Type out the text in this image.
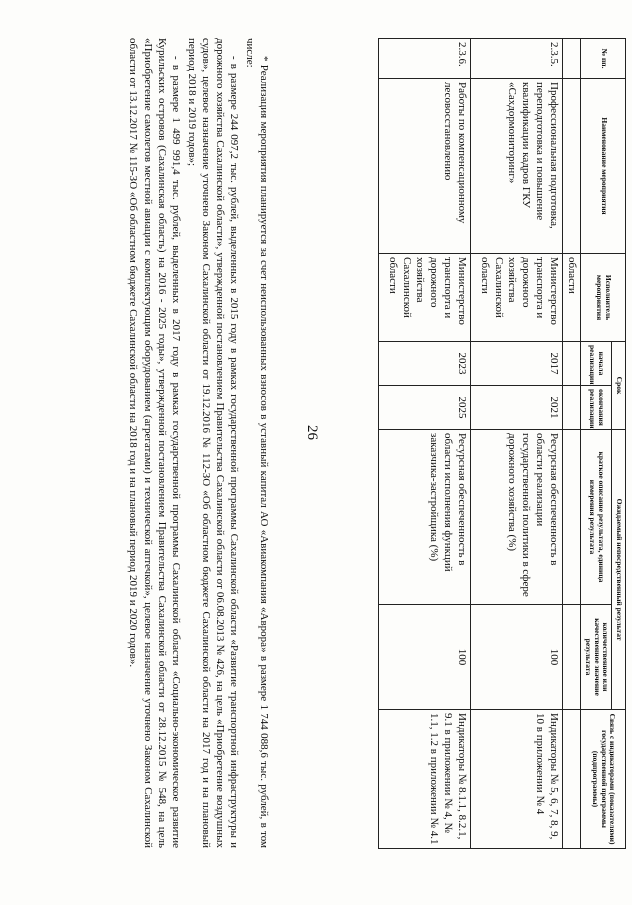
26
№ пп.	Наименование мероприятия	Исполнитель мероприятия	Срок		Ожидаемый непосредственный результат		Связь с индикаторами (показателями) государственной программы (подпрограммы)
			начала реализации	окончания реализации	краткое описание результата, единица измерения результата	количественное или качественное значение результата	
		области					
2.3.5.	Профессиональная подготовка, переподготовка и повышение квалификации кадров ГКУ «Сахдормониторинг»	Министерство транспорта и дорожного хозяйства Сахалинской области	2017	2021	Ресурсная обеспеченность в области реализации государственной политики в сфере дорожного хозяйства (%)	100	Индикаторы № 5, 6, 7, 8, 9, 10 в приложении № 4
2.3.6.	Работы по компенсационному лесовосстановлению	Министерство транспорта и дорожного хозяйства Сахалинской области	2023	2025	Ресурсная обеспеченность в области исполнения функций заказчика-застройщика (%)	100	Индикаторы № 8.1.1, 8.2.1, 9.1 в приложении № 4, № 1.1, 1.2 в приложении № 4.1

* Реализация мероприятия планируется за счет неиспользованных взносов в уставный капитал АО «Авиакомпания «Аврора» в размере 1 744 088,6 тыс. рублей, в том числе:

- в размере 244 097,2 тыс. рублей, выделенных в 2015 году в рамках государственной программы Сахалинской области «Развитие транспортной инфраструктуры и дорожного хозяйства Сахалинской области», утвержденной постановлением Правительства Сахалинской области от 06.08.2013 № 426, на цель «Приобретение воздушных судов», целевое назначение уточнено Законом Сахалинской области от 19.12.2016 № 112-ЗО «Об областном бюджете Сахалинской области на 2017 год и на плановый период 2018 и 2019 годов»;

- в размере 1 499 991,4 тыс. рублей, выделенных в 2017 году в рамках государственной программы Сахалинской области «Социально-экономическое развитие Курильских островов (Сахалинская область) на 2016 - 2025 годы», утвержденной постановлением Правительства Сахалинской области от 28.12.2015 № 548, на цель «Приобретение самолетов местной авиации с комплектующим оборудованием (агрегатами) и технической аптечкой», целевое назначение уточнено Законом Сахалинской области от 13.12.2017 № 115-ЗО «Об областном бюджете Сахалинской области на 2018 год и на плановый период 2019 и 2020 годов».
